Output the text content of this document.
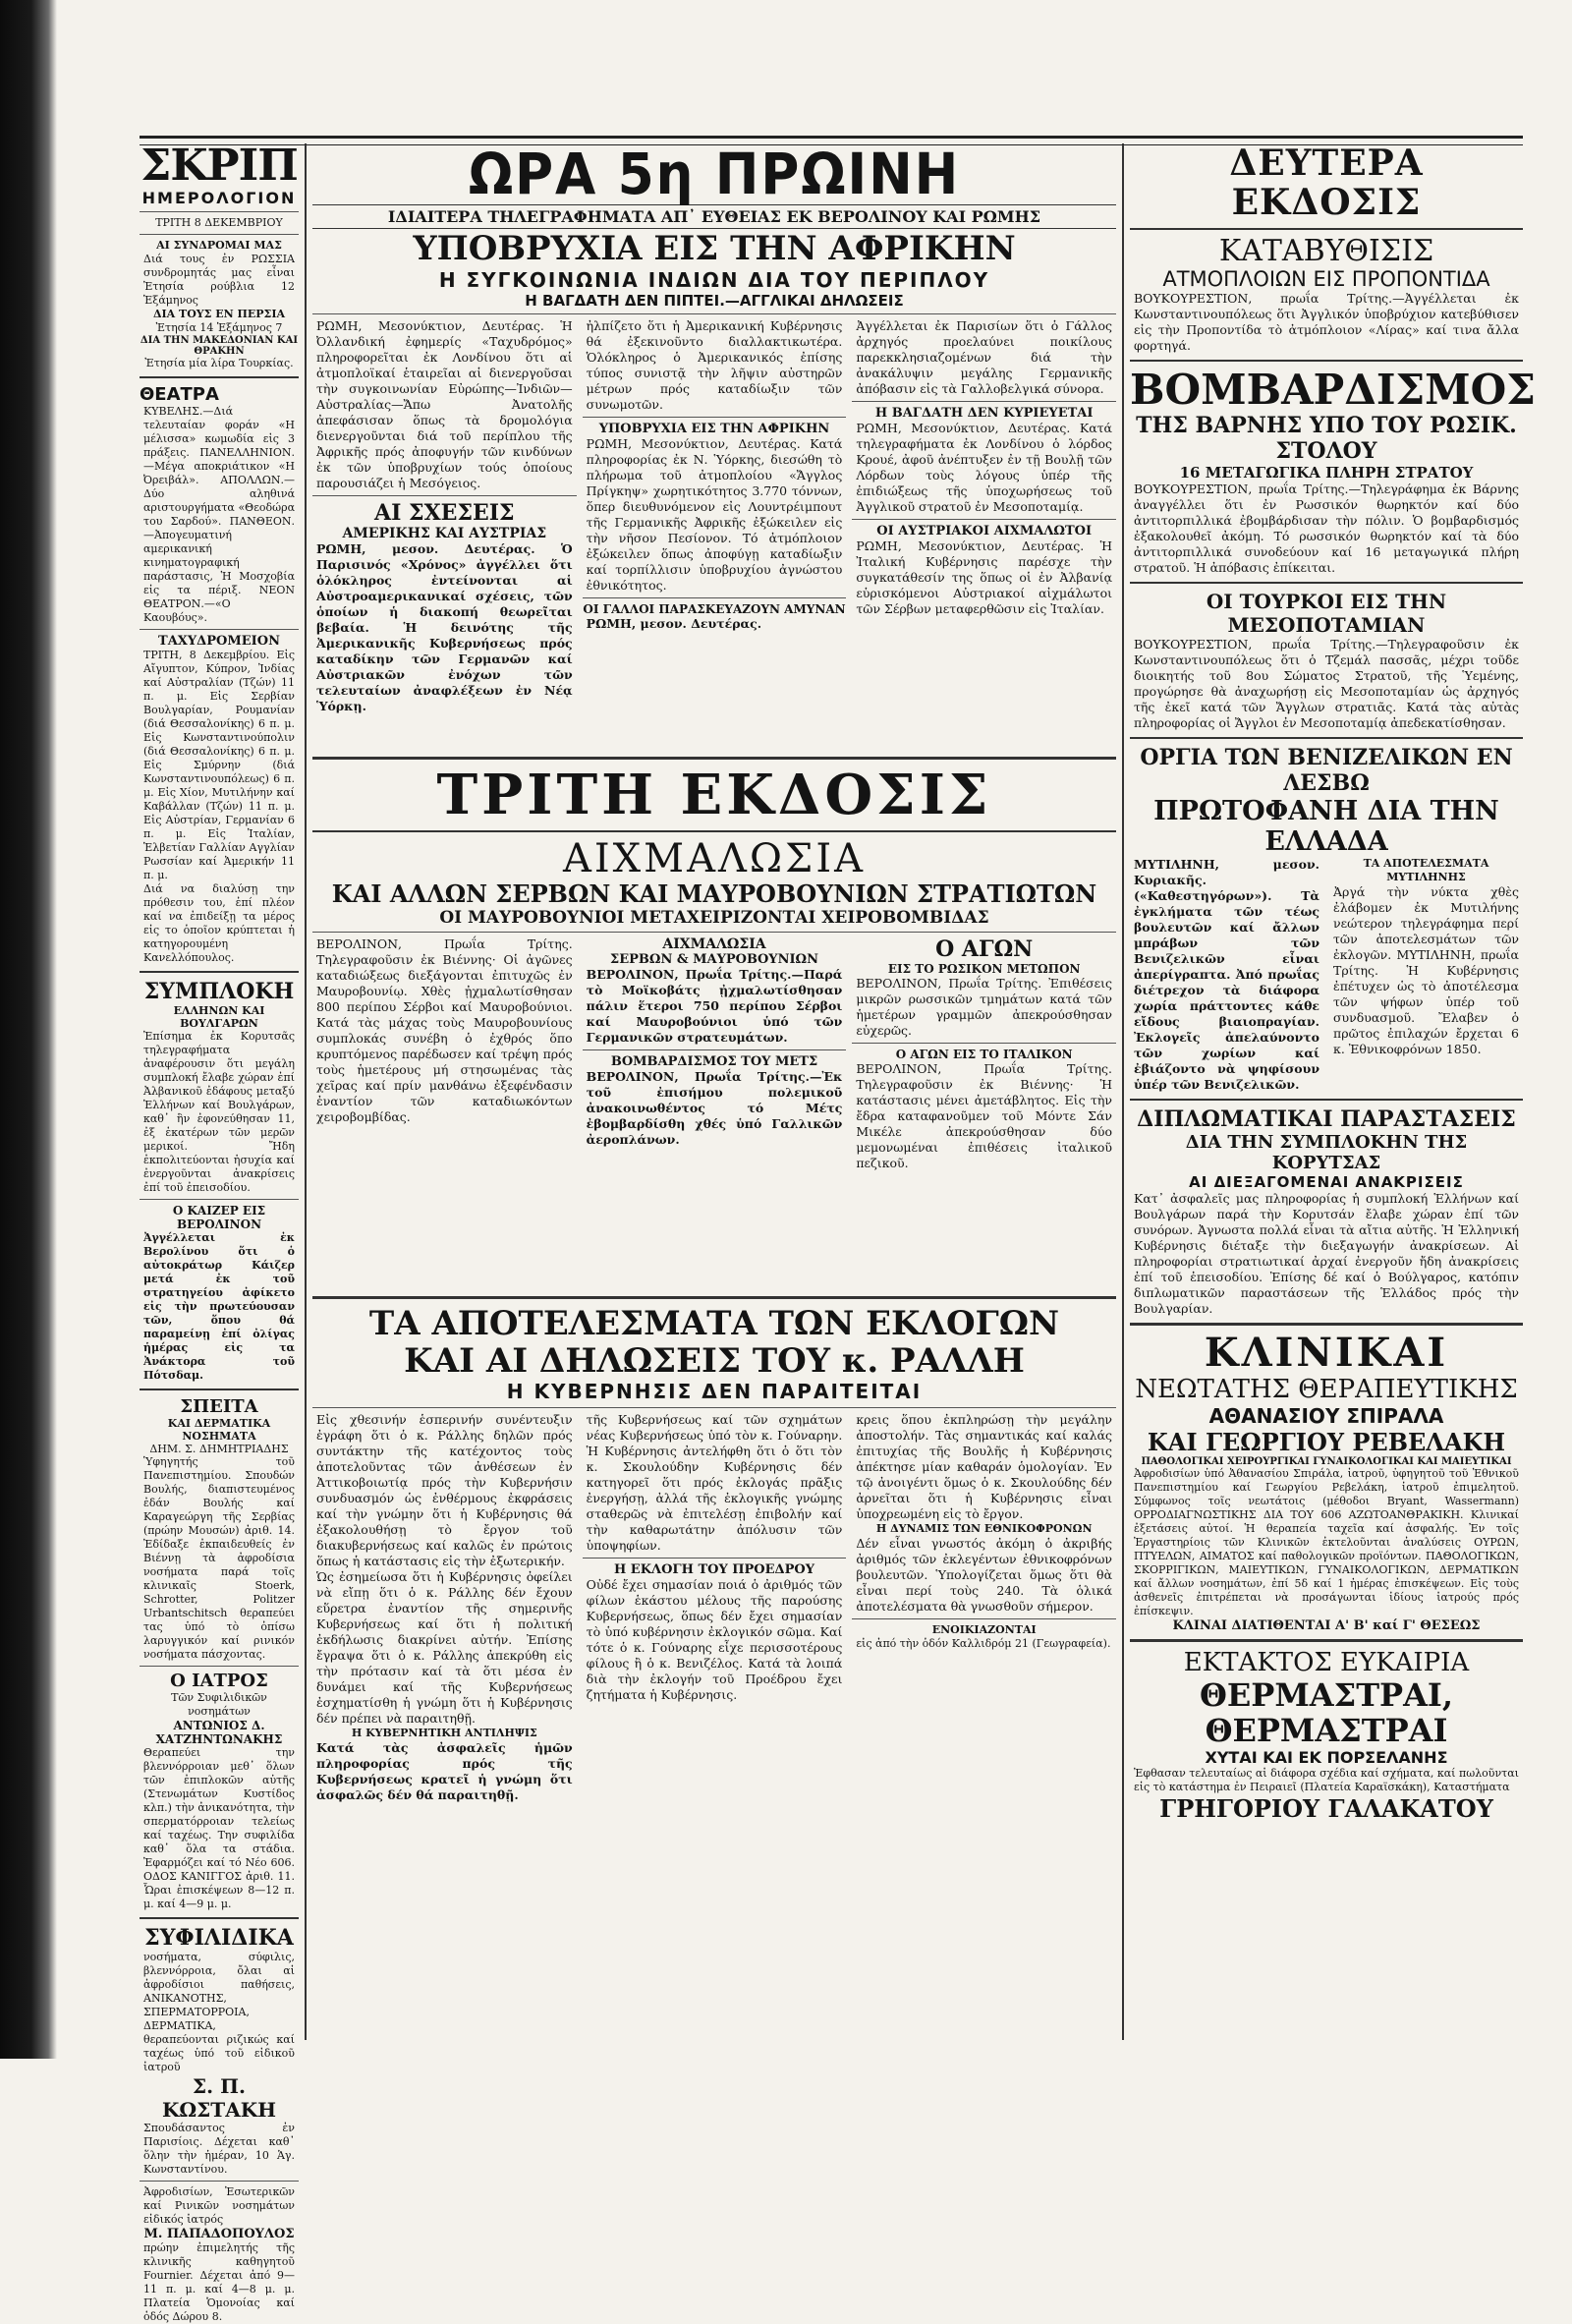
ΣΚΡΙΠ
ΗΜΕΡΟΛΟΓΙΟΝ
ΤΡΙΤΗ 8 ΔΕΚΕΜΒΡΙΟΥ
ΑΙ ΣΥΝΔΡΟΜΑΙ ΜΑΣ

Διά τους ἐν ΡΩΣΣΙΑ συνδρομητάς μας εἶναι Ἐτησία ρούβλια 12 Ἑξάμηνος

ΔΙΑ ΤΟΥΣ ΕΝ ΠΕΡΣΙΑ
Ἐτησία 14 Ἑξάμηνος 7
ΔΙΑ ΤΗΝ ΜΑΚΕΔΟΝΙΑΝ ΚΑΙ ΘΡΑΚΗΝ
Ἐτησία μία λίρα Τουρκίας.
ΘΕΑΤΡΑ

ΚΥΒΕΛΗΣ.—Διά τελευταίαν φοράν «Η μέλισσα» κωμωδία εἰς 3 πράξεις. ΠΑΝΕΛΛΗΝΙΟΝ.—Μέγα αποκριάτικον «Η Ὀρειβάλ». ΑΠΟΛΛΩΝ.—Δύο αληθινά αριστουργήματα «Θεοδώρα του Σαρδού». ΠΑΝΘΕΟΝ.—Ἀπογευματινή αμερικανική κινηματογραφική παράστασις, Ἡ Μοσχοβία εἰς τα πέριξ. ΝΕΟΝ ΘΕΑΤΡΟΝ.—«Ο Καουβόυς».

ΤΑΧΥΔΡΟΜΕΙΟΝ

ΤΡΙΤΗ, 8 Δεκεμβρίου. Εἰς Αἴγυπτον, Κύπρον, Ἰνδίας καί Αὐστραλίαν (Τζών) 11 π. μ. Εἰς Σερβίαν Βουλγαρίαν, Ρουμανίαν (διά Θεσσαλονίκης) 6 π. μ. Εἰς Κωνσταντινούπολιν (διά Θεσσαλονίκης) 6 π. μ. Εἰς Σμύρνην (διά Κωνσταντινουπόλεως) 6 π. μ. Εἰς Χίον, Μυτιλήνην καί Καβάλλαν (Τζών) 11 π. μ. Εἰς Αὐστρίαν, Γερμανίαν 6 π. μ. Εἰς Ἰταλίαν, Ἑλβετίαν Γαλλίαν Αγγλίαν Ρωσσίαν καί Ἀμερικήν 11 π. μ.

Διά να διαλύσῃ την πρόθεσιν του, ἐπί πλέον καί να ἐπιδείξῃ τα μέρος εἰς το ὁποῖον κρύπτεται ἡ κατηγορουμένη Κανελλόπουλος.

ΣΥΜΠΛΟΚΗ
ΕΛΛΗΝΩΝ ΚΑΙ ΒΟΥΛΓΑΡΩΝ

Ἐπίσημα ἐκ Κορυτσᾶς τηλεγραφήματα ἀναφέρουσιν ὅτι μεγάλη συμπλοκή ἔλαβε χώραν ἐπί Ἀλβανικοῦ ἐδάφους μεταξύ Ἑλλήνων καί Βουλγάρων, καθ᾿ ἣν ἐφονεύθησαν 11, ἐξ ἑκατέρων τῶν μερῶν μερικοί. Ἤδη ἐκπολιτεύονται ἡσυχία καί ἐνεργοῦνται ἀνακρίσεις ἐπί τοῦ ἐπεισοδίου.

Ο ΚΑΙΖΕΡ ΕΙΣ ΒΕΡΟΛΙΝΟΝ

Ἀγγέλλεται ἐκ Βερολίνου ὅτι ὁ αὐτοκράτωρ Κάιζερ μετά ἐκ τοῦ στρατηγείου ἀφίκετο εἰς τὴν πρωτεύουσαν τῶν, ὅπου θά παραμείνῃ ἐπί ὀλίγας ἡμέρας εἰς τα Ἀνάκτορα τοῦ Πότσδαμ.

ΣΠΕΙΤΑ
ΚΑΙ ΔΕΡΜΑΤΙΚΑ ΝΟΣΗΜΑΤΑ
ΔΗΜ. Σ. ΔΗΜΗΤΡΙΑΔΗΣ

Ὑφηγητής τοῦ Πανεπιστημίου. Σπουδών Βουλής, διαπιστευμένος ἐδάν Βουλής καί Καραγεώργη τῆς Σερβίας (πρώην Μουσών) ἀριθ. 14. Ἐδίδαξε ἐκπαιδευθείς ἐν Βιέννῃ τὰ ἀφροδίσια νοσήματα παρά τοῖς κλινικαῖς Stoerk, Schrotter, Politzer Urbantschitsch θεραπεύει τας ὑπό τὸ ὀπίσω λαρυγγικόν καί ρινικόν νοσήματα πάσχοντας.

Ο ΙΑΤΡΟΣ
Τῶν Συφιλιδικῶν νοσημάτων
ΑΝΤΩΝΙΟΣ Δ. ΧΑΤΖΗΝΤΩΝΑΚΗΣ

Θεραπεύει την βλεννόρροιαν μεθ᾿ ὅλων τῶν ἐπιπλοκῶν αὐτῆς (Στενωμάτων Κυστίδος κλπ.) τὴν ἀνικανότητα, τὴν σπερματόρροιαν τελείως καί ταχέως. Την συφιλίδα καθ᾿ ὅλα τα στάδια. Ἐφαρμόζει καί τό Νέο 606. ΟΔΟΣ ΚΑΝΙΓΓΟΣ ἀριθ. 11. Ὧραι ἐπισκέψεων 8—12 π. μ. καί 4—9 μ. μ.

ΣΥΦΙΛΙΔΙΚΑ

νοσήματα, σύφιλις, βλεννόρροια, ὄλαι αἱ ἀφροδίσιοι παθήσεις, ΑΝΙΚΑΝΟΤΗΣ, ΣΠΕΡΜΑΤΟΡΡΟΙΑ, ΔΕΡΜΑΤΙΚΑ, θεραπεύονται ριζικώς καί ταχέως ὑπό τοῦ εἰδικοῦ ἰατροῦ

Σ. Π. ΚΩΣΤΑΚΗ

Σπουδάσαντος ἐν Παρισίοις. Δέχεται καθ᾿ ὅλην τὴν ἡμέραν, 10 Ἁγ. Κωνσταντίνου.

Ἀφροδισίων, Ἐσωτερικῶν καί Ρινικῶν νοσημάτων εἰδικός ἰατρός

Μ. ΠΑΠΑΔΟΠΟΥΛΟΣ

πρώην ἐπιμελητής τῆς κλινικῆς καθηγητοῦ Fournier. Δέχεται ἀπό 9—11 π. μ. καί 4—8 μ. μ. Πλατεία Ὁμονοίας καί ὁδός Δώρου 8.

ΩΡΑ 5η ΠΡΩΙΝΗ
ΙΔΙΑΙΤΕΡΑ ΤΗΛΕΓΡΑΦΗΜΑΤΑ ΑΠ᾿ ΕΥΘΕΙΑΣ ΕΚ ΒΕΡΟΛΙΝΟΥ ΚΑΙ ΡΩΜΗΣ
ΥΠΟΒΡΥΧΙΑ ΕΙΣ ΤΗΝ ΑΦΡΙΚΗΝ
Η ΣΥΓΚΟΙΝΩΝΙΑ ΙΝΔΙΩΝ ΔΙΑ ΤΟΥ ΠΕΡΙΠΛΟΥ
Η ΒΑΓΔΑΤΗ ΔΕΝ ΠΙΠΤΕΙ.—ΑΓΓΛΙΚΑΙ ΔΗΛΩΣΕΙΣ

ΡΩΜΗ, Μεσονύκτιον, Δευτέρας. Ἡ Ὀλλανδική ἐφημερίς «Ταχυδρόμος» πληροφορεῖται ἐκ Λονδίνου ὅτι αἱ ἀτμοπλοϊκαί ἑταιρεῖαι αἱ διενεργοῦσαι τὴν συγκοινωνίαν Εὐρώπης—Ἰνδιῶν—Αὐστραλίας—Ἄπω Ἀνατολῆς ἀπεφάσισαν ὅπως τὰ δρομολόγια διενεργοῦνται διά τοῦ περίπλου τῆς Ἀφρικῆς πρός ἀποφυγήν τῶν κινδύνων ἐκ τῶν ὑποβρυχίων τούς ὁποίους παρουσιάζει ἡ Μεσόγειος.

ΑΙ ΣΧΕΣΕΙΣ
ΑΜΕΡΙΚΗΣ ΚΑΙ ΑΥΣΤΡΙΑΣ

ΡΩΜΗ, μεσον. Δευτέρας. Ὁ Παρισινός «Χρόνος» ἀγγέλλει ὅτι ὁλόκληρος ἐντείνονται αἱ Αὐστροαμερικανικαί σχέσεις, τῶν ὁποίων ἡ διακοπή θεωρεῖται βεβαία. Ἡ δεινότης τῆς Ἀμερικανικῆς Κυβερνήσεως πρός καταδίκην τῶν Γερμανῶν καί Αὐστριακῶν ἐνόχων τῶν τελευταίων ἀναφλέξεων ἐν Νέᾳ Ὑόρκῃ.

ἠλπίζετο ὅτι ἡ Ἀμερικανική Κυβέρνησις θά ἐξεκινοῦντο διαλλακτικωτέρα. Ὁλόκληρος ὁ Ἀμερικανικός ἐπίσης τύπος συνιστᾷ τὴν λῆψιν αὐστηρῶν μέτρων πρός καταδίωξιν τῶν συνωμοτῶν.

ΥΠΟΒΡΥΧΙΑ ΕΙΣ ΤΗΝ ΑΦΡΙΚΗΝ

ΡΩΜΗ, Μεσονύκτιον, Δευτέρας. Κατά πληροφορίας ἐκ Ν. Ὑόρκης, διεσώθη τὸ πλήρωμα τοῦ ἀτμοπλοίου «Ἄγγλος Πρίγκηψ» χωρητικότητος 3.770 τόννων, ὅπερ διευθυνόμενον εἰς Λουντρέιμπουτ τῆς Γερμανικῆς Ἀφρικῆς ἐξώκειλεν εἰς τὴν νῆσον Πεσίονον. Τό ἀτμόπλοιον ἐξώκειλεν ὅπως ἀποφύγῃ καταδίωξιν καί τορπίλλισιν ὑποβρυχίου ἀγνώστου ἐθνικότητος.

ΟΙ ΓΑΛΛΟΙ ΠΑΡΑΣΚΕΥΑΖΟΥΝ ΑΜΥΝΑΝ

ΡΩΜΗ, μεσον. Δευτέρας.

Ἀγγέλλεται ἐκ Παρισίων ὅτι ὁ Γάλλος ἀρχηγός προελαύνει ποικίλους παρεκκλησιαζομένων διά τὴν ἀνακάλυψιν μεγάλης Γερμανικῆς ἀπόβασιν εἰς τὰ Γαλλοβελγικά σύνορα.

Η ΒΑΓΔΑΤΗ ΔΕΝ ΚΥΡΙΕΥΕΤΑΙ

ΡΩΜΗ, Μεσονύκτιον, Δευτέρας. Κατά τηλεγραφήματα ἐκ Λονδίνου ὁ λόρδος Κρουέ, ἀφοῦ ἀνέπτυξεν ἐν τῇ Βουλῇ τῶν Λόρδων τοὺς λόγους ὑπέρ τῆς ἐπιδιώξεως τῆς ὑποχωρήσεως τοῦ Ἀγγλικοῦ στρατοῦ ἐν Μεσοποταμίᾳ.

ΟΙ ΑΥΣΤΡΙΑΚΟΙ ΑΙΧΜΑΛΩΤΟΙ

ΡΩΜΗ, Μεσονύκτιον, Δευτέρας. Ἡ Ἰταλική Κυβέρνησις παρέσχε τὴν συγκατάθεσίν της ὅπως οἱ ἐν Ἀλβανίᾳ εὑρισκόμενοι Αὐστριακοί αἰχμάλωτοι τῶν Σέρβων μεταφερθῶσιν εἰς Ἰταλίαν.

ΤΡΙΤΗ ΕΚΔΟΣΙΣ
ΑΙΧΜΑΛΩΣΙΑ
ΚΑΙ ΑΛΛΩΝ ΣΕΡΒΩΝ ΚΑΙ ΜΑΥΡΟΒΟΥΝΙΩΝ ΣΤΡΑΤΙΩΤΩΝ
ΟΙ ΜΑΥΡΟΒΟΥΝΙΟΙ ΜΕΤΑΧΕΙΡΙΖΟΝΤΑΙ ΧΕΙΡΟΒΟΜΒΙΔΑΣ

ΒΕΡΟΛΙΝΟΝ, Πρωΐα Τρίτης. Τηλεγραφοῦσιν ἐκ Βιέννης· Οἱ ἀγῶνες καταδιώξεως διεξάγονται ἐπιτυχῶς ἐν Μαυροβουνίῳ. Χθὲς ᾐχμαλωτίσθησαν 800 περίπου Σέρβοι καί Μαυροβούνιοι. Κατά τὰς μάχας τοὺς Μαυροβουνίους συμπλοκάς συνέβη ὁ ἐχθρός ὅπο κρυπτόμενος παρέδωσεν καί τρέψη πρός τοὺς ἡμετέρους μή στησωμένας τὰς χεῖρας καί πρίν μανθάνω ἐξεφένδασιν ἐναντίον τῶν καταδιωκόντων χειροβομβίδας.

ΑΙΧΜΑΛΩΣΙΑ
ΣΕΡΒΩΝ & ΜΑΥΡΟΒΟΥΝΙΩΝ

ΒΕΡΟΛΙΝΟΝ, Πρωΐα Τρίτης.—Παρά τὸ Μοϊκοβάτς ᾐχμαλωτίσθησαν πάλιν ἕτεροι 750 περίπου Σέρβοι καί Μαυροβούνιοι ὑπό τῶν Γερμανικῶν στρατευμάτων.

ΒΟΜΒΑΡΔΙΣΜΟΣ ΤΟΥ ΜΕΤΣ

ΒΕΡΟΛΙΝΟΝ, Πρωΐα Τρίτης.—Ἐκ τοῦ ἐπισήμου πολεμικοῦ ἀνακοινωθέντος τό Μέτς ἐβομβαρδίσθη χθές ὑπό Γαλλικῶν ἀεροπλάνων.

Ο ΑΓΩΝ
ΕΙΣ ΤΟ ΡΩΣΙΚΟΝ ΜΕΤΩΠΟΝ

ΒΕΡΟΛΙΝΟΝ, Πρωΐα Τρίτης. Ἐπιθέσεις μικρῶν ρωσσικῶν τμημάτων κατά τῶν ἡμετέρων γραμμῶν ἀπεκρούσθησαν εὐχερῶς.

Ο ΑΓΩΝ ΕΙΣ ΤΟ ΙΤΑΛΙΚΟΝ

ΒΕΡΟΛΙΝΟΝ, Πρωΐα Τρίτης. Τηλεγραφοῦσιν ἐκ Βιέννης· Ἡ κατάστασις μένει ἀμετάβλητος. Εἰς τὴν ἔδρα καταφανοῦμεν τοῦ Μόντε Σάν Μικέλε ἀπεκρούσθησαν δύο μεμονωμέναι ἐπιθέσεις ἰταλικοῦ πεζικοῦ.

ΤΑ ΑΠΟΤΕΛΕΣΜΑΤΑ ΤΩΝ ΕΚΛΟΓΩΝ
ΚΑΙ ΑΙ ΔΗΛΩΣΕΙΣ ΤΟΥ κ. ΡΑΛΛΗ
Η ΚΥΒΕΡΝΗΣΙΣ ΔΕΝ ΠΑΡΑΙΤΕΙΤΑΙ

Εἰς χθεσινήν ἑσπερινήν συνέντευξιν ἐγράφη ὅτι ὁ κ. Ράλλης δηλῶν πρός συντάκτην τῆς κατέχοντος τοὺς ἀποτελοῦντας τῶν ἀνθέσεων ἐν Ἀττικοβοιωτίᾳ πρός τὴν Κυβερνήσιν συνδυασμόν ὡς ἐνθέρμους ἐκφράσεις καί τὴν γνώμην ὅτι ἡ Κυβέρνησις θά ἐξακολουθήσῃ τὸ ἔργον τοῦ διακυβερνήσεως καί καλῶς ἐν πρώτοις ὅπως ἡ κατάστασις εἰς τὴν ἐξωτερικήν.

Ὡς ἐσημείωσα ὅτι ἡ Κυβέρνησις ὀφείλει νὰ εἴπῃ ὅτι ὁ κ. Ράλλης δέν ἔχουν εὕρετρα ἐναντίον τῆς σημερινῆς Κυβερνήσεως καί ὅτι ἡ πολιτική ἐκδήλωσις διακρίνει αὐτήν. Ἐπίσης ἔγραψα ὅτι ὁ κ. Ράλλης ἀπεκρύθη εἰς τὴν πρότασιν καί τὰ ὅτι μέσα ἐν δυνάμει καί τῆς Κυβερνήσεως ἐσχηματίσθη ἡ γνώμη ὅτι ἡ Κυβέρνησις δέν πρέπει νὰ παραιτηθῇ.

Η ΚΥΒΕΡΝΗΤΙΚΗ ΑΝΤΙΛΗΨΙΣ

Κατά τὰς ἀσφαλεῖς ἡμῶν πληροφορίας πρός τῆς Κυβερνήσεως κρατεῖ ἡ γνώμη ὅτι ἀσφαλῶς δέν θά παραιτηθῇ.

τῆς Κυβερνήσεως καί τῶν σχημάτων νέας Κυβερνήσεως ὑπό τὸν κ. Γούναρην. Ἡ Κυβέρνησις ἀντελήφθη ὅτι ὁ ὅτι τὸν κ. Σκουλούδην Κυβέρνησις δέν κατηγορεῖ ὅτι πρός ἐκλογάς πρᾶξις ἐνεργήσῃ, ἀλλά τῆς ἐκλογικῆς γνώμης σταθερῶς νὰ ἐπιτελέσῃ ἐπιβολήν καί τὴν καθαρωτάτην ἀπόλυσιν τῶν ὑποψηφίων.

Η ΕΚΛΟΓΗ ΤΟΥ ΠΡΟΕΔΡΟΥ

Οὐδέ ἔχει σημασίαν ποιά ὁ ἀριθμός τῶν φίλων ἑκάστου μέλους τῆς παρούσης Κυβερνήσεως, ὅπως δέν ἔχει σημασίαν τὸ ὑπό κυβέρνησιν ἐκλογικόν σῶμα. Καί τότε ὁ κ. Γούναρης εἶχε περισσοτέρους φίλους ἢ ὁ κ. Βενιζέλος. Κατά τὰ λοιπά διὰ τὴν ἐκλογήν τοῦ Προέδρου ἔχει ζητήματα ἡ Κυβέρνησις.

κρεις ὅπου ἐκπληρώσῃ τὴν μεγάλην ἀποστολήν. Τὰς σημαντικάς καί καλάς ἐπιτυχίας τῆς Βουλῆς ἡ Κυβέρνησις ἀπέκτησε μίαν καθαράν ὁμολογίαν. Ἐν τῷ ἀνοιγέντι ὅμως ὁ κ. Σκουλούδης δέν ἀρνεῖται ὅτι ἡ Κυβέρνησις εἶναι ὑποχρεωμένη εἰς τὸ ἔργον.

Η ΔΥΝΑΜΙΣ ΤΩΝ ΕΘΝΙΚΟΦΡΟΝΩΝ

Δέν εἶναι γνωστός ἀκόμη ὁ ἀκριβής ἀριθμός τῶν ἐκλεγέντων ἐθνικοφρόνων βουλευτῶν. Ὑπολογίζεται ὅμως ὅτι θὰ εἶναι περί τοὺς 240. Τὰ ὁλικά ἀποτελέσματα θὰ γνωσθοῦν σήμερον.

ΕΝΟΙΚΙΑΖΟΝΤΑΙ

εἰς ἀπό τὴν ὁδόν Καλλιδρόμ 21 (Γεωγραφεία).

ΔΕΥΤΕΡΑ ΕΚΔΟΣΙΣ
ΚΑΤΑΒΥΘΙΣΙΣ
ΑΤΜΟΠΛΟΙΩΝ ΕΙΣ ΠΡΟΠΟΝΤΙΔΑ

ΒΟΥΚΟΥΡΕΣΤΙΟΝ, πρωΐα Τρίτης.—Ἀγγέλλεται ἐκ Κωνσταντινουπόλεως ὅτι Ἀγγλικόν ὑποβρύχιον κατεβύθισεν εἰς τὴν Προποντίδα τὸ ἀτμόπλοιον «Λίρας» καί τινα ἄλλα φορτηγά.

ΒΟΜΒΑΡΔΙΣΜΟΣ
ΤΗΣ ΒΑΡΝΗΣ ΥΠΟ ΤΟΥ ΡΩΣΙΚ. ΣΤΟΛΟΥ
16 ΜΕΤΑΓΩΓΙΚΑ ΠΛΗΡΗ ΣΤΡΑΤΟΥ

ΒΟΥΚΟΥΡΕΣΤΙΟΝ, πρωΐα Τρίτης.—Τηλεγράφημα ἐκ Βάρνης ἀναγγέλλει ὅτι ἐν Ρωσσικόν θωρηκτόν καί δύο ἀντιτορπιλλικά ἐβομβάρδισαν τὴν πόλιν. Ὁ βομβαρδισμός ἐξακολουθεῖ ἀκόμη. Τό ρωσσικόν θωρηκτόν καί τὰ δύο ἀντιτορπιλλικά συνοδεύουν καί 16 μεταγωγικά πλήρη στρατοῦ. Ἡ ἀπόβασις ἐπίκειται.

ΟΙ ΤΟΥΡΚΟΙ ΕΙΣ ΤΗΝ ΜΕΣΟΠΟΤΑΜΙΑΝ

ΒΟΥΚΟΥΡΕΣΤΙΟΝ, πρωΐα Τρίτης.—Τηλεγραφοῦσιν ἐκ Κωνσταντινουπόλεως ὅτι ὁ Τζεμάλ πασσᾶς, μέχρι τοῦδε διοικητής τοῦ 8ου Σώματος Στρατοῦ, τῆς Ὑεμένης, προγώρησε θὰ ἀναχωρήσῃ εἰς Μεσοποταμίαν ὡς ἀρχηγός τῆς ἐκεῖ κατά τῶν Ἄγγλων στρατιᾶς. Κατά τὰς αὐτὰς πληροφορίας οἱ Ἄγγλοι ἐν Μεσοποταμίᾳ ἀπεδεκατίσθησαν.

ΟΡΓΙΑ ΤΩΝ ΒΕΝΙΖΕΛΙΚΩΝ ΕΝ ΛΕΣΒΩ
ΠΡΩΤΟΦΑΝΗ ΔΙΑ ΤΗΝ ΕΛΛΑΔΑ

ΜΥΤΙΛΗΝΗ, μεσον. Κυριακῆς. («Καθεστηγόρων»). Τὰ ἐγκλήματα τῶν τέως βουλευτῶν καί ἄλλων μπράβων τῶν Βενιζελικῶν εἶναι ἀπερίγραπτα. Ἀπό πρωΐας διέτρεχον τὰ διάφορα χωρία πράττοντες κάθε εἴδους βιαιοπραγίαν. Ἐκλογεῖς ἀπελαύνοντο τῶν χωρίων καί ἐβιάζοντο νὰ ψηφίσουν ὑπέρ τῶν Βενιζελικῶν.

ΤΑ ΑΠΟΤΕΛΕΣΜΑΤΑ ΜΥΤΙΛΗΝΗΣ

Ἀργά τὴν νύκτα χθὲς ἐλάβομεν ἐκ Μυτιλήνης νεώτερον τηλεγράφημα περί τῶν ἀποτελεσμάτων τῶν ἐκλογῶν. ΜΥΤΙΛΗΝΗ, πρωΐα Τρίτης. Ἡ Κυβέρνησις ἐπέτυχεν ὡς τὸ ἀποτέλεσμα τῶν ψήφων ὑπέρ τοῦ συνδυασμοῦ. Ἔλαβεν ὁ πρῶτος ἐπιλαχών ἔρχεται 6 κ. Ἐθνικοφρόνων 1850.

ΔΙΠΛΩΜΑΤΙΚΑΙ ΠΑΡΑΣΤΑΣΕΙΣ
ΔΙΑ ΤΗΝ ΣΥΜΠΛΟΚΗΝ ΤΗΣ ΚΟΡΥΤΣΑΣ
ΑΙ ΔΙΕΞΑΓΟΜΕΝΑΙ ΑΝΑΚΡΙΣΕΙΣ

Κατ᾿ ἀσφαλεῖς μας πληροφορίας ἡ συμπλοκή Ἑλλήνων καί Βουλγάρων παρά τὴν Κορυτσάν ἔλαβε χώραν ἐπί τῶν συνόρων. Ἀγνωστα πολλά εἶναι τὰ αἴτια αὐτῆς. Ἡ Ἑλληνική Κυβέρνησις διέταξε τὴν διεξαγωγήν ἀνακρίσεων. Αἱ πληροφορίαι στρατιωτικαί ἀρχαί ἐνεργοῦν ἤδη ἀνακρίσεις ἐπί τοῦ ἐπεισοδίου. Ἐπίσης δέ καί ὁ Βούλγαρος, κατόπιν διπλωματικῶν παραστάσεων τῆς Ἑλλάδος πρός τὴν Βουλγαρίαν.

ΚΛΙΝΙΚΑΙ
ΝΕΩΤΑΤΗΣ ΘΕΡΑΠΕΥΤΙΚΗΣ
ΑΘΑΝΑΣΙΟΥ ΣΠΙΡΑΛΑ
ΚΑΙ ΓΕΩΡΓΙΟΥ ΡΕΒΕΛΑΚΗ
ΠΑΘΟΛΟΓΙΚΑΙ ΧΕΙΡΟΥΡΓΙΚΑΙ ΓΥΝΑΙΚΟΛΟΓΙΚΑΙ ΚΑΙ ΜΑΙΕΥΤΙΚΑΙ

Ἀφροδισίων ὑπό Ἀθανασίου Σπιράλα, ἰατροῦ, ὑφηγητοῦ τοῦ Ἐθνικοῦ Πανεπιστημίου καί Γεωργίου Ρεβελάκη, ἰατροῦ ἐπιμελητοῦ. Σύμφωνος τοῖς νεωτάτοις (μέθοδοι Bryant, Wassermann) ΟΡΡΟΔΙΑΓΝΩΣΤΙΚΗΣ ΔΙΑ ΤΟΥ 606 ΑΖΩΤΟΑΝΘΡΑΚΙΚΗ. Κλινικαί ἐξετάσεις αὐτοί. Ἡ θεραπεία ταχεῖα καί ἀσφαλής. Ἐν τοῖς Ἐργαστηρίοις τῶν Κλινικῶν ἐκτελοῦνται ἀναλύσεις ΟΥΡΩΝ, ΠΤΥΕΛΩΝ, ΑΙΜΑΤΟΣ καί παθολογικῶν προϊόντων. ΠΑΘΟΛΟΓΙΚΩΝ, ΣΚΟΡΡΙΓΙΚΩΝ, ΜΑΙΕΥΤΙΚΩΝ, ΓΥΝΑΙΚΟΛΟΓΙΚΩΝ, ΔΕΡΜΑΤΙΚΩΝ καί ἄλλων νοσημάτων, ἐπί 5δ καί 1 ἡμέρας ἐπισκέψεων. Εἰς τοὺς ἀσθενεῖς ἐπιτρέπεται νὰ προσάγωνται ἰδίους ἰατρούς πρός ἐπίσκεψιν.

ΚΛΙΝΑΙ ΔΙΑΤΙΘΕΝΤΑΙ Α' Β' καί Γ' ΘΕΣΕΩΣ
ΕΚΤΑΚΤΟΣ ΕΥΚΑΙΡΙΑ
ΘΕΡΜΑΣΤΡΑΙ, ΘΕΡΜΑΣΤΡΑΙ
ΧΥΤΑΙ ΚΑΙ ΕΚ ΠΟΡΣΕΛΑΝΗΣ

Ἐφθασαν τελευταίως αἱ διάφορα σχέδια καί σχήματα, καί πωλοῦνται εἰς τὸ κατάστημα ἐν Πειραιεῖ (Πλατεία Καραϊσκάκη), Καταστήματα

ΓΡΗΓΟΡΙΟΥ ΓΑΛΑΚΑΤΟΥ
